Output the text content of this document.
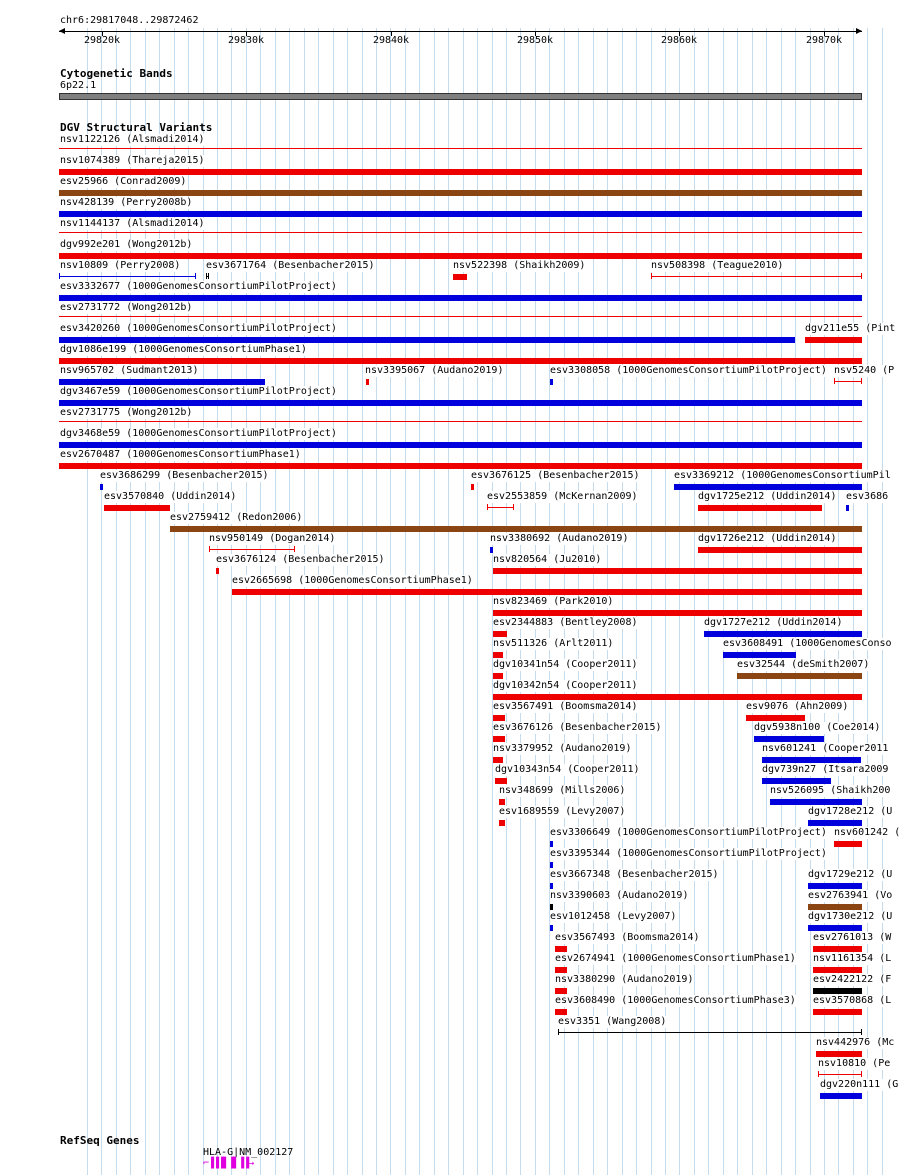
chr6:29817048..29872462
29820k	29830k	29840k	29850k	29860k	29870k
Cytogenetic Bands
6p22.1
DGV Structural Variants
nsv1122126 (Alsmadi2014)
nsv1074389 (Thareja2015)
esv25966 (Conrad2009)
nsv428139 (Perry2008b)
nsv1144137 (Alsmadi2014)
dgv992e201 (Wong2012b)
nsv10809 (Perry2008)	esv3671764 (Besenbacher2015)	nsv522398 (Shaikh2009)	nsv508398 (Teague2010)
esv3332677 (1000GenomesConsortiumPilotProject)
esv2731772 (Wong2012b)
esv3420260 (1000GenomesConsortiumPilotProject)	dgv211e55 (Pint
dgv1086e199 (1000GenomesConsortiumPhase1)
nsv965702 (Sudmant2013)	nsv3395067 (Audano2019)	esv3308058 (1000GenomesConsortiumPilotProject) nsv5240 (P
dgv3467e59 (1000GenomesConsortiumPilotProject)
esv2731775 (Wong2012b)
dgv3468e59 (1000GenomesConsortiumPilotProject)
esv2670487 (1000GenomesConsortiumPhase1)
esv3686299 (Besenbacher2015)	esv3676125 (Besenbacher2015)	esv3369212 (1000GenomesConsortiumPil
esv3570840 (Uddin2014)	esv2553859 (McKernan2009)	dgv1725e212 (Uddin2014) esv3686
esv2759412 (Redon2006)
nsv950149 (Dogan2014)	nsv3380692 (Audano2019)	dgv1726e212 (Uddin2014)
esv3676124 (Besenbacher2015)	nsv820564 (Ju2010)
esv2665698 (1000GenomesConsortiumPhase1)
nsv823469 (Park2010)
esv2344883 (Bentley2008)	dgv1727e212 (Uddin2014)
nsv511326 (Arlt2011)	esv3608491 (1000GenomesConso
dgv10341n54 (Cooper2011)	esv32544 (deSmith2007)
dgv10342n54 (Cooper2011)
esv3567491 (Boomsma2014)	esv9076 (Ahn2009)
esv3676126 (Besenbacher2015)	dgv5938n100 (Coe2014)
nsv3379952 (Audano2019)	nsv601241 (Cooper2011
dgv10343n54 (Cooper2011)	dgv739n27 (Itsara2009
nsv348699 (Mills2006)	nsv526095 (Shaikh200
esv1689559 (Levy2007)	dgv1728e212 (U
esv3306649 (1000GenomesConsortiumPilotProject) nsv601242 (
esv3395344 (1000GenomesConsortiumPilotProject)
esv3667348 (Besenbacher2015)	dgv1729e212 (U
nsv3390603 (Audano2019)	esv2763941 (Vo
esv1012458 (Levy2007)	dgv1730e212 (U
esv3567493 (Boomsma2014)	esv2761013 (W
esv2674941 (1000GenomesConsortiumPhase1) nsv1161354 (L
nsv3380290 (Audano2019)	esv2422122 (F
esv3608490 (1000GenomesConsortiumPhase3) esv3570868 (L
esv3351 (Wang2008)
nsv442976 (Mc
nsv10810 (Pe
dgv220n111 (G
RefSeq Genes
HLA-G|NM_002127
⌐▐▐▐▌▐▌▐▐→
